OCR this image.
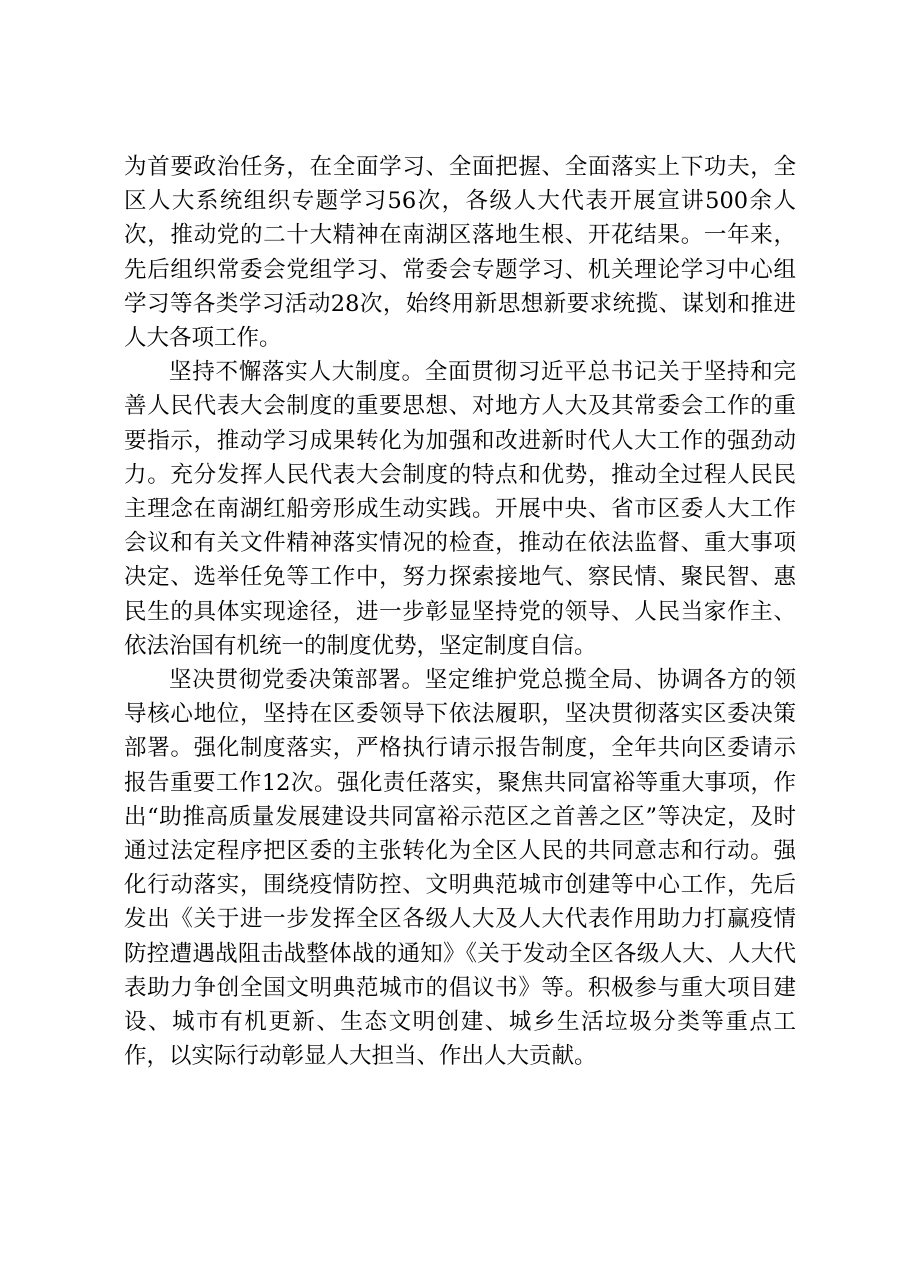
为首要政治任务，在全面学习、全面把握、全面落实上下功夫，全区人大系统组织专题学习56次，各级人大代表开展宣讲500余人次，推动党的二十大精神在南湖区落地生根、开花结果。一年来，先后组织常委会党组学习、常委会专题学习、机关理论学习中心组学习等各类学习活动28次，始终用新思想新要求统揽、谋划和推进人大各项工作。

坚持不懈落实人大制度。全面贯彻习近平总书记关于坚持和完善人民代表大会制度的重要思想、对地方人大及其常委会工作的重要指示，推动学习成果转化为加强和改进新时代人大工作的强劲动力。充分发挥人民代表大会制度的特点和优势，推动全过程人民民主理念在南湖红船旁形成生动实践。开展中央、省市区委人大工作会议和有关文件精神落实情况的检查，推动在依法监督、重大事项决定、选举任免等工作中，努力探索接地气、察民情、聚民智、惠民生的具体实现途径，进一步彰显坚持党的领导、人民当家作主、依法治国有机统一的制度优势，坚定制度自信。

坚决贯彻党委决策部署。坚定维护党总揽全局、协调各方的领导核心地位，坚持在区委领导下依法履职，坚决贯彻落实区委决策部署。强化制度落实，严格执行请示报告制度，全年共向区委请示报告重要工作12次。强化责任落实，聚焦共同富裕等重大事项，作出“助推高质量发展建设共同富裕示范区之首善之区”等决定，及时通过法定程序把区委的主张转化为全区人民的共同意志和行动。强化行动落实，围绕疫情防控、文明典范城市创建等中心工作，先后发出《关于进一步发挥全区各级人大及人大代表作用助力打赢疫情防控遭遇战阻击战整体战的通知》《关于发动全区各级人大、人大代表助力争创全国文明典范城市的倡议书》等。积极参与重大项目建设、城市有机更新、生态文明创建、城乡生活垃圾分类等重点工作，以实际行动彰显人大担当、作出人大贡献。
